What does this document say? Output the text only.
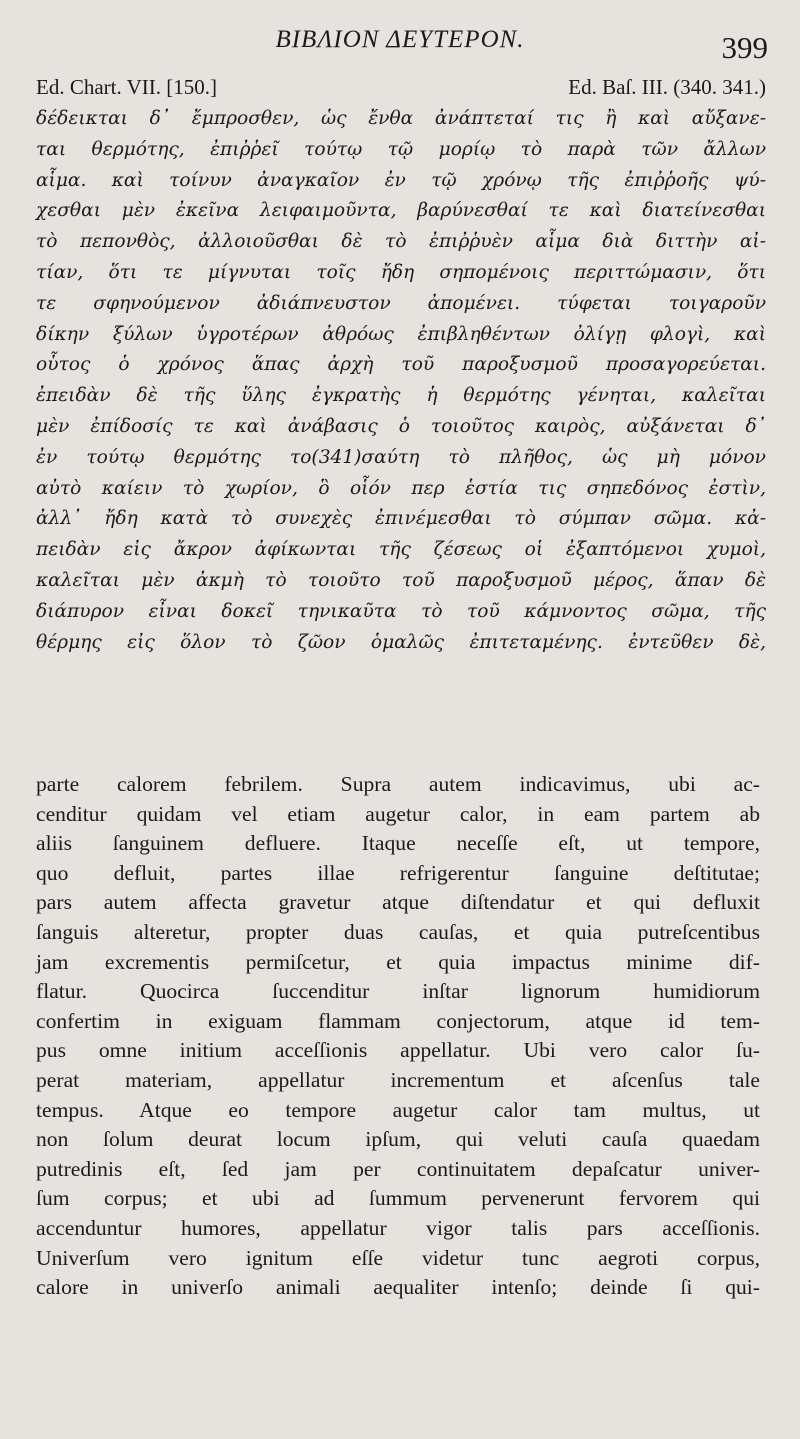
ΒΙΒΛΙΟΝ ΔΕΥΤΕΡΟΝ.	399
Ed. Chart. VII. [150.]	Ed. Baſ. III. (340. 341.)
δέδεικται δ᾽ ἔμπροσθεν, ὡς ἔνθα ἀνάπτεταί τις ἢ καὶ αὔξανε-
ται θερμότης, ἐπιῤῥεῖ τούτῳ τῷ μορίῳ τὸ παρὰ τῶν ἄλλων
αἷμα. καὶ τοίνυν ἀναγκαῖον ἐν τῷ χρόνῳ τῆς ἐπιῤῥοῆς ψύ-
χεσθαι μὲν ἐκεῖνα λειφαιμοῦντα, βαρύνεσθαί τε καὶ διατείνεσθαι
τὸ πεπονθὸς, ἀλλοιοῦσθαι δὲ τὸ ἐπιῤῥυὲν αἷμα διὰ διττὴν αἰ-
τίαν, ὅτι τε μίγνυται τοῖς ἤδη σηπομένοις περιττώμασιν, ὅτι
τε σφηνούμενον ἀδιάπνευστον ἀπομένει. τύφεται τοιγαροῦν
δίκην ξύλων ὑγροτέρων ἀθρόως ἐπιβληθέντων ὀλίγῃ φλογὶ, καὶ
οὗτος ὁ χρόνος ἅπας ἀρχὴ τοῦ παροξυσμοῦ προσαγορεύεται.
ἐπειδὰν δὲ τῆς ὕλης ἐγκρατὴς ἡ θερμότης γένηται, καλεῖται
μὲν ἐπίδοσίς τε καὶ ἀνάβασις ὁ τοιοῦτος καιρὸς, αὐξάνεται δ᾽
ἐν τούτῳ θερμότης το(341)σαύτη τὸ πλῆθος, ὡς μὴ μόνον
αὐτὸ καίειν τὸ χωρίον, ὃ οἷόν περ ἑστία τις σηπεδόνος ἐστὶν,
ἀλλ᾽ ἤδη κατὰ τὸ συνεχὲς ἐπινέμεσθαι τὸ σύμπαν σῶμα. κἀ-
πειδὰν εἰς ἄκρον ἀφίκωνται τῆς ζέσεως οἱ ἐξαπτόμενοι χυμοὶ,
καλεῖται μὲν ἀκμὴ τὸ τοιοῦτο τοῦ παροξυσμοῦ μέρος, ἅπαν δὲ
διάπυρον εἶναι δοκεῖ τηνικαῦτα τὸ τοῦ κάμνοντος σῶμα, τῆς
θέρμης εἰς ὅλον τὸ ζῶον ὁμαλῶς ἐπιτεταμένης. ἐντεῦθεν δὲ,
parte calorem febrilem. Supra autem indicavimus, ubi ac-
cenditur quidam vel etiam augetur calor, in eam partem ab
aliis ſanguinem defluere. Itaque neceſſe eſt, ut tempore,
quo defluit, partes illae refrigerentur ſanguine deſtitutae;
pars autem affecta gravetur atque diſtendatur et qui defluxit
ſanguis alteretur, propter duas cauſas, et quia putreſcentibus
jam excrementis permiſcetur, et quia impactus minime dif-
flatur. Quocirca ſuccenditur inſtar lignorum humidiorum
confertim in exiguam flammam conjectorum, atque id tem-
pus omne initium acceſſionis appellatur. Ubi vero calor ſu-
perat materiam, appellatur incrementum et aſcenſus tale
tempus. Atque eo tempore augetur calor tam multus, ut
non ſolum deurat locum ipſum, qui veluti cauſa quaedam
putredinis eſt, ſed jam per continuitatem depaſcatur univer-
ſum corpus; et ubi ad ſummum pervenerunt fervorem qui
accenduntur humores, appellatur vigor talis pars acceſſionis.
Univerſum vero ignitum eſſe videtur tunc aegroti corpus,
calore in univerſo animali aequaliter intenſo; deinde ſi qui-
